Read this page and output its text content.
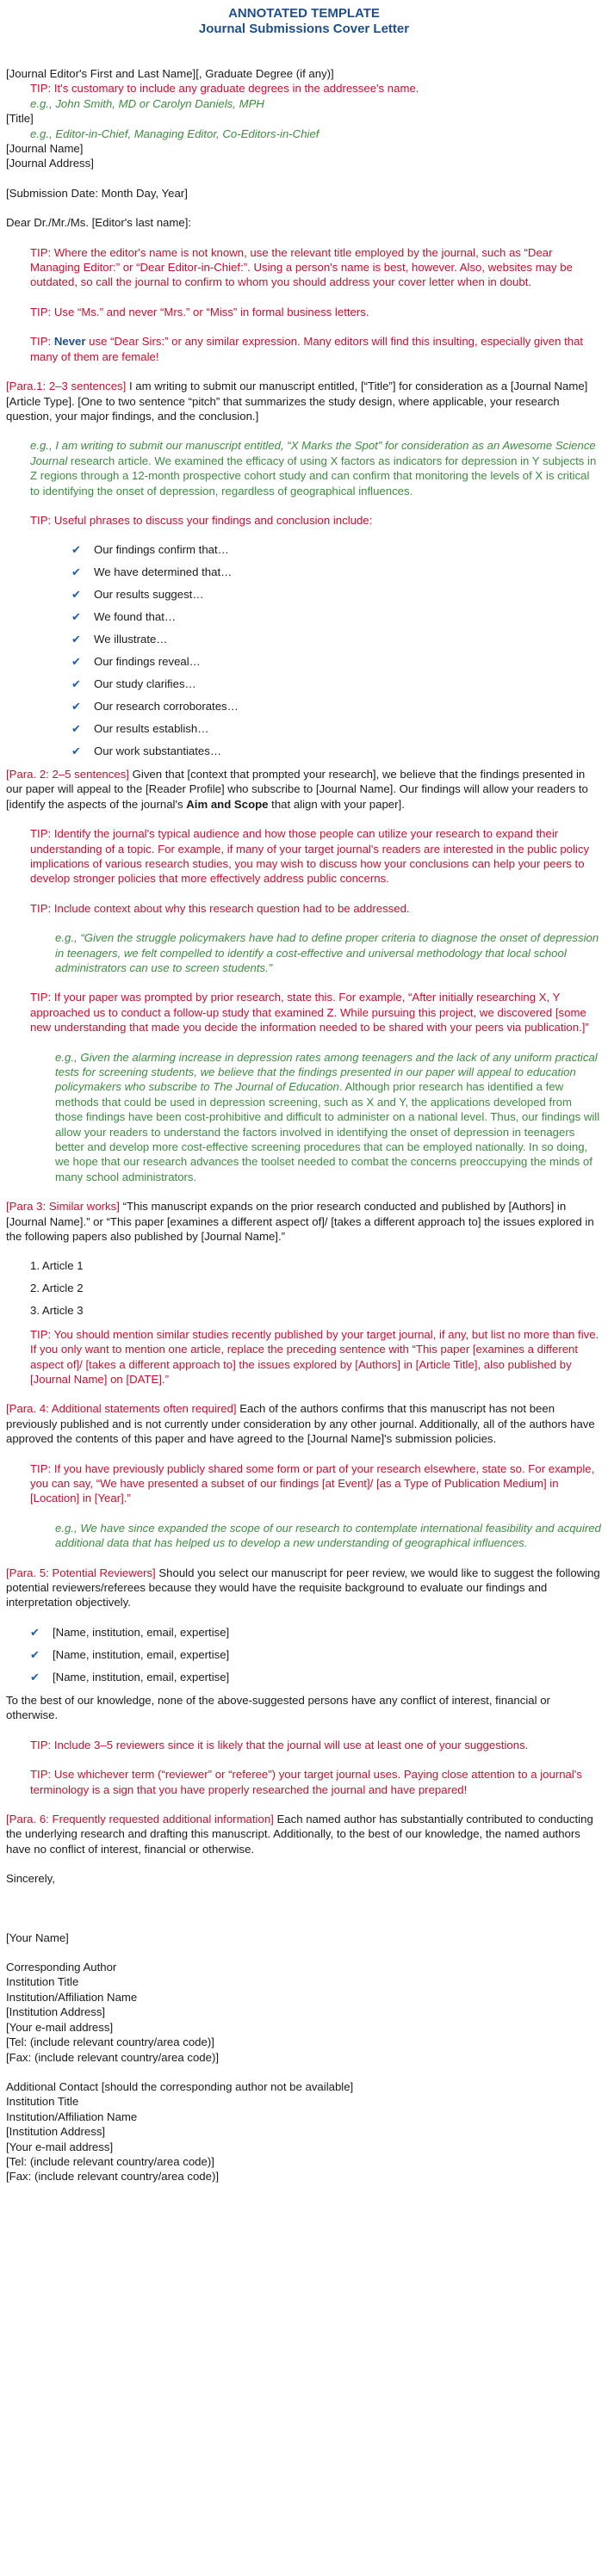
ANNOTATED TEMPLATE
Journal Submissions Cover Letter
[Journal Editor's First and Last Name][, Graduate Degree (if any)]
TIP: It's customary to include any graduate degrees in the addressee's name.
e.g., John Smith, MD or Carolyn Daniels, MPH
[Title]
e.g., Editor-in-Chief, Managing Editor, Co-Editors-in-Chief
[Journal Name]
[Journal Address]
[Submission Date: Month Day, Year]
Dear Dr./Mr./Ms. [Editor's last name]:
TIP: Where the editor's name is not known, use the relevant title employed by the journal, such as “Dear Managing Editor:” or “Dear Editor-in-Chief:”. Using a person's name is best, however. Also, websites may be outdated, so call the journal to confirm to whom you should address your cover letter when in doubt.
TIP: Use “Ms.” and never “Mrs.” or “Miss” in formal business letters.
TIP: Never use “Dear Sirs:” or any similar expression. Many editors will find this insulting, especially given that many of them are female!
[Para.1: 2–3 sentences] I am writing to submit our manuscript entitled, [“Title”] for consideration as a [Journal Name][Article Type]. [One to two sentence “pitch” that summarizes the study design, where applicable, your research question, your major findings, and the conclusion.]
e.g., I am writing to submit our manuscript entitled, “X Marks the Spot” for consideration as an Awesome Science Journal research article. We examined the efficacy of using X factors as indicators for depression in Y subjects in Z regions through a 12-month prospective cohort study and can confirm that monitoring the levels of X is critical to identifying the onset of depression, regardless of geographical influences.
TIP: Useful phrases to discuss your findings and conclusion include:
✔ Our findings confirm that…
✔ We have determined that…
✔ Our results suggest…
✔ We found that…
✔ We illustrate…
✔ Our findings reveal…
✔ Our study clarifies…
✔ Our research corroborates…
✔ Our results establish…
✔ Our work substantiates…
[Para. 2: 2–5 sentences] Given that [context that prompted your research], we believe that the findings presented in our paper will appeal to the [Reader Profile] who subscribe to [Journal Name]. Our findings will allow your readers to [identify the aspects of the journal's Aim and Scope that align with your paper].
TIP: Identify the journal's typical audience and how those people can utilize your research to expand their understanding of a topic. For example, if many of your target journal's readers are interested in the public policy implications of various research studies, you may wish to discuss how your conclusions can help your peers to develop stronger policies that more effectively address public concerns.
TIP: Include context about why this research question had to be addressed.
e.g., “Given the struggle policymakers have had to define proper criteria to diagnose the onset of depression in teenagers, we felt compelled to identify a cost-effective and universal methodology that local school administrators can use to screen students.”
TIP: If your paper was prompted by prior research, state this. For example, “After initially researching X, Y approached us to conduct a follow-up study that examined Z. While pursuing this project, we discovered [some new understanding that made you decide the information needed to be shared with your peers via publication.]”
e.g., Given the alarming increase in depression rates among teenagers and the lack of any uniform practical tests for screening students, we believe that the findings presented in our paper will appeal to education policymakers who subscribe to The Journal of Education. Although prior research has identified a few methods that could be used in depression screening, such as X and Y, the applications developed from those findings have been cost-prohibitive and difficult to administer on a national level. Thus, our findings will allow your readers to understand the factors involved in identifying the onset of depression in teenagers better and develop more cost-effective screening procedures that can be employed nationally. In so doing, we hope that our research advances the toolset needed to combat the concerns preoccupying the minds of many school administrators.
[Para 3: Similar works] “This manuscript expands on the prior research conducted and published by [Authors] in [Journal Name].” or “This paper [examines a different aspect of]/ [takes a different approach to] the issues explored in the following papers also published by [Journal Name].”
1. Article 1
2. Article 2
3. Article 3
TIP: You should mention similar studies recently published by your target journal, if any, but list no more than five. If you only want to mention one article, replace the preceding sentence with “This paper [examines a different aspect of]/ [takes a different approach to] the issues explored by [Authors] in [Article Title], also published by [Journal Name] on [DATE].”
[Para. 4: Additional statements often required] Each of the authors confirms that this manuscript has not been previously published and is not currently under consideration by any other journal. Additionally, all of the authors have approved the contents of this paper and have agreed to the [Journal Name]'s submission policies.
TIP: If you have previously publicly shared some form or part of your research elsewhere, state so. For example, you can say, “We have presented a subset of our findings [at Event]/ [as a Type of Publication Medium] in [Location] in [Year].”
e.g., We have since expanded the scope of our research to contemplate international feasibility and acquired additional data that has helped us to develop a new understanding of geographical influences.
[Para. 5: Potential Reviewers] Should you select our manuscript for peer review, we would like to suggest the following potential reviewers/referees because they would have the requisite background to evaluate our findings and interpretation objectively.
✔ [Name, institution, email, expertise]
✔ [Name, institution, email, expertise]
✔ [Name, institution, email, expertise]
To the best of our knowledge, none of the above-suggested persons have any conflict of interest, financial or otherwise.
TIP: Include 3–5 reviewers since it is likely that the journal will use at least one of your suggestions.
TIP: Use whichever term (“reviewer” or “referee”) your target journal uses. Paying close attention to a journal's terminology is a sign that you have properly researched the journal and have prepared!
[Para. 6: Frequently requested additional information] Each named author has substantially contributed to conducting the underlying research and drafting this manuscript. Additionally, to the best of our knowledge, the named authors have no conflict of interest, financial or otherwise.
Sincerely,
[Your Name]
Corresponding Author
Institution Title
Institution/Affiliation Name
[Institution Address]
[Your e-mail address]
[Tel: (include relevant country/area code)]
[Fax: (include relevant country/area code)]
Additional Contact [should the corresponding author not be available]
Institution Title
Institution/Affiliation Name
[Institution Address]
[Your e-mail address]
[Tel: (include relevant country/area code)]
[Fax: (include relevant country/area code)]
